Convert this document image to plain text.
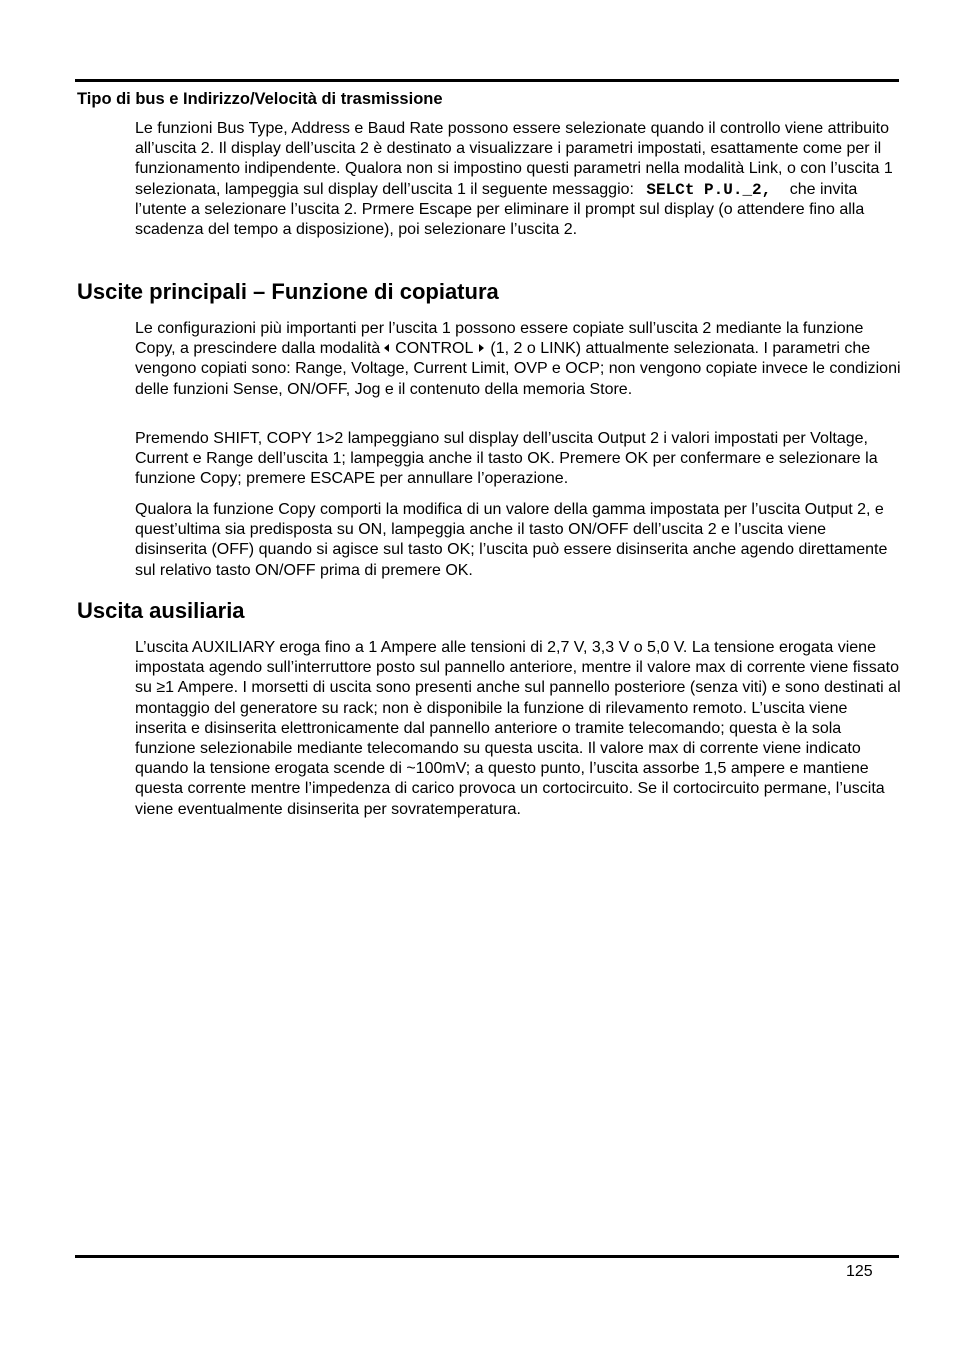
Tipo di bus e Indirizzo/Velocità di trasmissione

Le funzioni Bus Type, Address e Baud Rate possono essere selezionate quando il controllo viene attribuito all’uscita 2. Il display dell’uscita 2 è destinato a visualizzare i parametri impostati, esattamente come per il funzionamento indipendente. Qualora non si impostino questi parametri nella modalità Link, o con l’uscita 1 selezionata, lampeggia sul display dell’uscita 1 il seguente messaggio: SELCt P.U._2, che invita l’utente a selezionare l’uscita 2. Prmere Escape per eliminare il prompt sul display (o attendere fino alla scadenza del tempo a disposizione), poi selezionare l’uscita 2.

Uscite principali – Funzione di copiatura

Le configurazioni più importanti per l’uscita 1 possono essere copiate sull’uscita 2 mediante la funzione Copy, a prescindere dalla modalità CONTROL (1, 2 o LINK) attualmente selezionata. I parametri che vengono copiati sono: Range, Voltage, Current Limit, OVP e OCP; non vengono copiate invece le condizioni delle funzioni Sense, ON/OFF, Jog e il contenuto della memoria Store.

Premendo SHIFT, COPY 1>2 lampeggiano sul display dell’uscita Output 2 i valori impostati per Voltage, Current e Range dell’uscita 1; lampeggia anche il tasto OK. Premere OK per confermare e selezionare la funzione Copy; premere ESCAPE per annullare l’operazione.

Qualora la funzione Copy comporti la modifica di un valore della gamma impostata per l’uscita Output 2, e quest’ultima sia predisposta su ON, lampeggia anche il tasto ON/OFF dell’uscita 2 e l’uscita viene disinserita (OFF) quando si agisce sul tasto OK; l’uscita può essere disinserita anche agendo direttamente sul relativo tasto ON/OFF prima di premere OK.

Uscita ausiliaria

L’uscita AUXILIARY eroga fino a 1 Ampere alle tensioni di 2,7 V, 3,3 V o 5,0 V. La tensione erogata viene impostata agendo sull’interruttore posto sul pannello anteriore, mentre il valore max di corrente viene fissato su ≥1 Ampere. I morsetti di uscita sono presenti anche sul pannello posteriore (senza viti) e sono destinati al montaggio del generatore su rack; non è disponibile la funzione di rilevamento remoto. L’uscita viene inserita e disinserita elettronicamente dal pannello anteriore o tramite telecomando; questa è la sola funzione selezionabile mediante telecomando su questa uscita. Il valore max di corrente viene indicato quando la tensione erogata scende di ~100mV; a questo punto, l’uscita assorbe 1,5 ampere e mantiene questa corrente mentre l’impedenza di carico provoca un cortocircuito. Se il cortocircuito permane, l’uscita viene eventualmente disinserita per sovratemperatura.

125
